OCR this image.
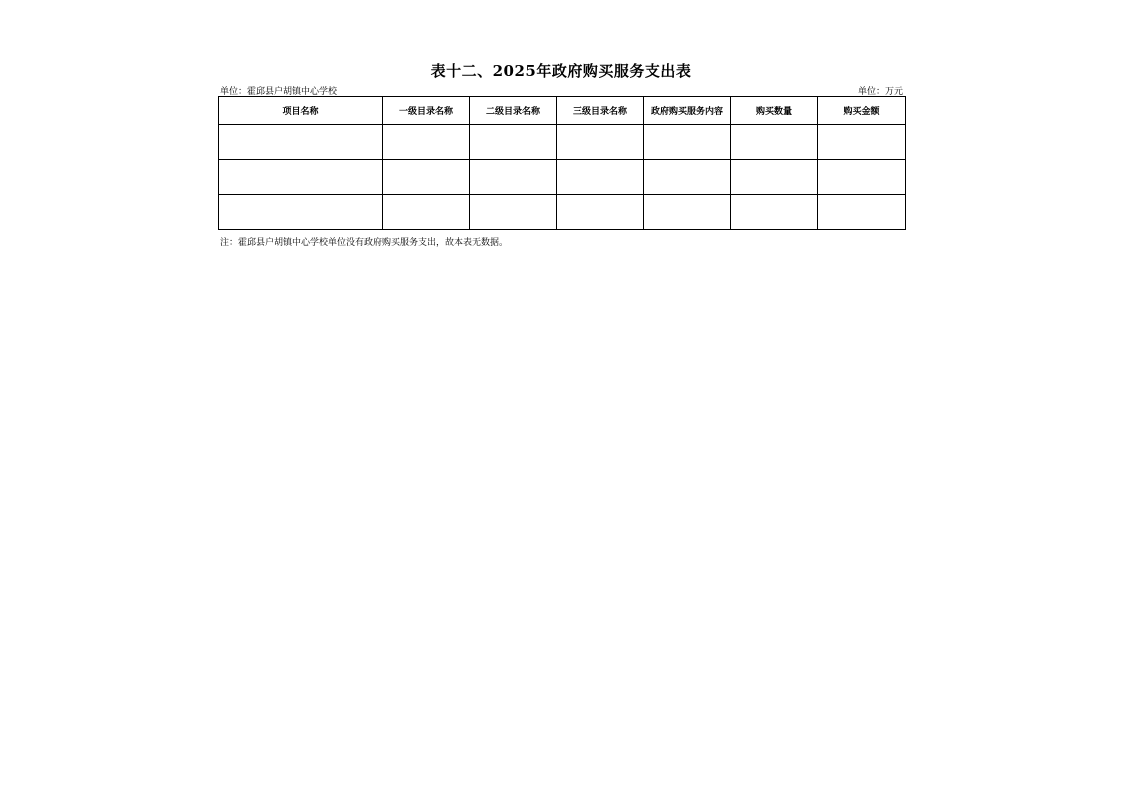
表十二、2025年政府购买服务支出表
单位：霍邱县户胡镇中心学校	单位：万元
项目名称	一级目录名称	二级目录名称	三级目录名称	政府购买服务内容	购买数量	购买金额

注：霍邱县户胡镇中心学校单位没有政府购买服务支出，故本表无数据。
